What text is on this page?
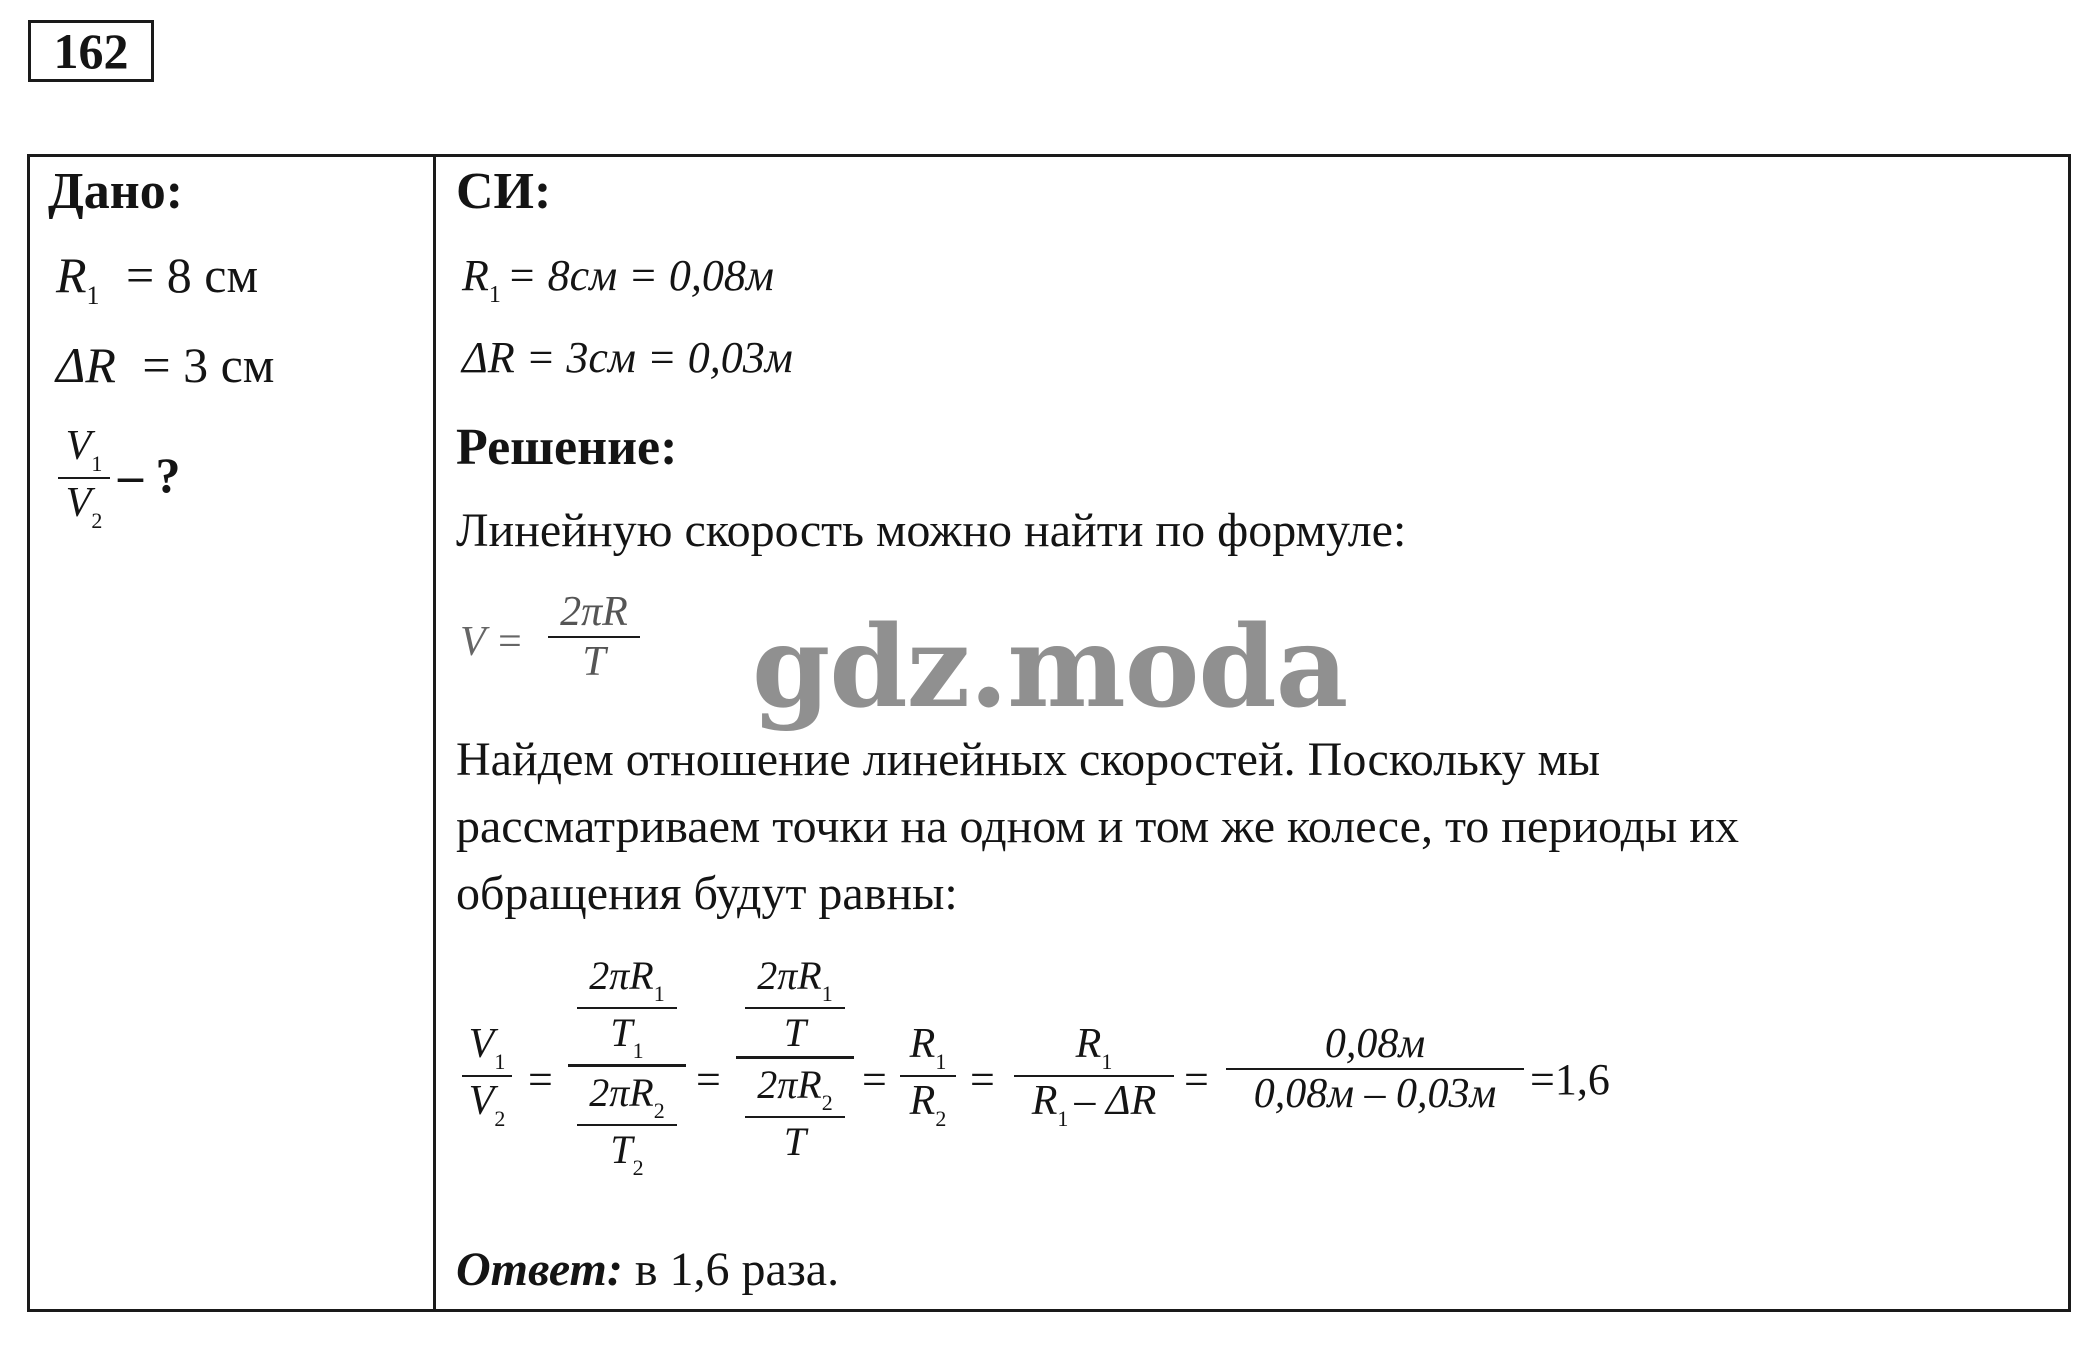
162
Дано:
$R_1 = 8$ см
ΔR = 3 см
$\frac{V_1}{V_2}$ – ?
СИ:
$R_1 = 8см = 0,08м$
ΔR = 3см = 0,03м
Решение:
Линейную скорость можно найти по формуле:
$V = \frac{2\pi R}{T}$ gdz.moda
Найдем отношение линейных скоростей. Поскольку мы
рассматриваем точки на одном и том же колесе, то периоды их
обращения будут равны:
$\frac{V_1}{V_2}$ =
$2\pi R_1$
$T_1$
$2\pi R_2$
$T_2$
=
$2\pi R_1$
T
$2\pi R_2$
T
= $\frac{R_1}{R_2} = \frac{R_1}{R_1 - \Delta R}$ =
0,08м
0,08м – 0,03м =1,6
Ответ: в 1,6 раза.
